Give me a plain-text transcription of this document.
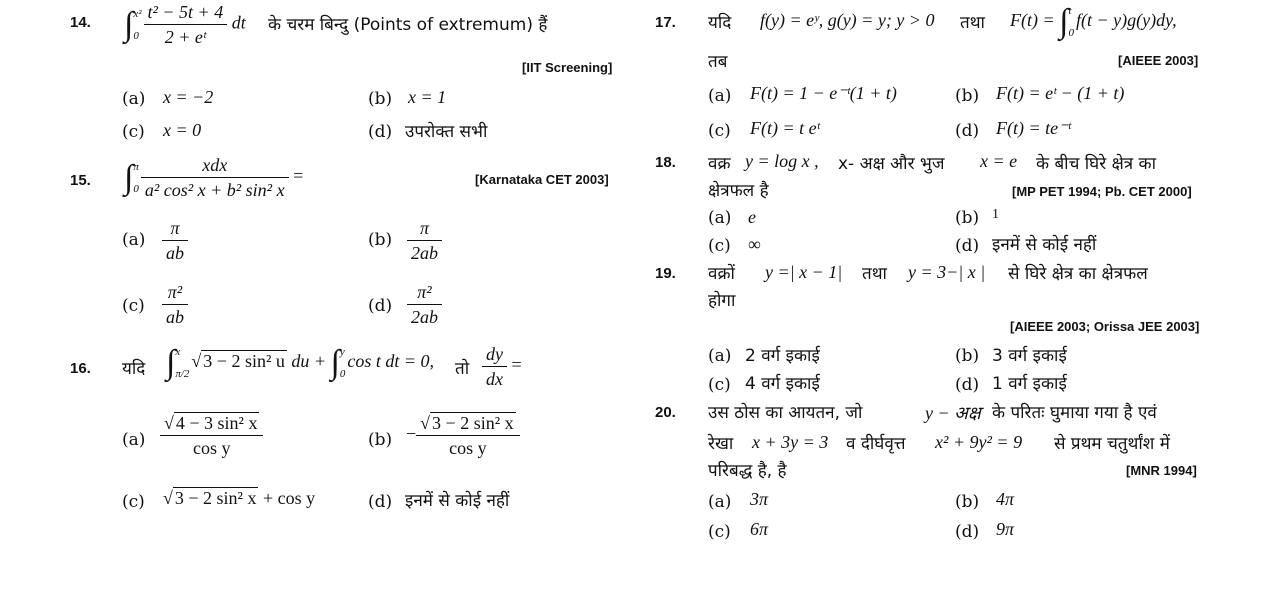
14. ∫ x²
$0 \frac{\text{t² − 5t + 4}}{\text{2 + eᵗ}}$ dt के चरम बिन्दु (Points of extremum) हैं
[IIT Screening]
(a) x = −2	(b) x = 1
(c) x = 0	(d) उपरोक्त सभी
15. ∫ π
$0 \frac{\text{xdx}}{\text{a² cos² x + b² sin² x}}$ =	[Karnataka CET 2003]
$(a) \frac{\pi}{ab}$	$(b) \frac{\pi}{2ab}$
$(c) \frac{\text{π²}}{ab}$	$(d) \frac{\text{π²}}{2ab}$
16. यदि ∫ x
π/2
√ 3 − 2 sin² u du + ∫ y
0
cos t dt = 0, तो $\frac{dy}{dx}$ =
$(a) \frac{\text{√ 4 − 3 sin² x}}{\text{cos y}}$	$(b) - \frac{\text{√ 3 − 2 sin² x}}{\text{cos y}}$
(c) √ 3 − 2 sin² x + cos y	(d) इनमें से कोई नहीं
17. यदि f(y) = eʸ, g(y) = y; y > 0 तथा F(t) = ∫ t
0
f(t − y)g(y)dy,
तब	[AIEEE 2003]
(a) F(t) = 1 − e⁻ᵗ(1 + t)	(b) F(t) = eᵗ − (1 + t)
(c) F(t) = t eᵗ	(d) F(t) = te⁻ᵗ
18. वक्र y = log x , x- अक्ष और भुज x = e के बीच घिरे क्षेत्र का
क्षेत्रफल है	[MP PET 1994; Pb. CET 2000]
(a) e	(b) 1
(c) ∞	(d) इनमें से कोई नहीं
19. वक्रों y =| x − 1| तथा y = 3−| x | से घिरे क्षेत्र का क्षेत्रफल
होगा
[AIEEE 2003; Orissa JEE 2003]
(a) 2 वर्ग इकाई	(b) 3 वर्ग इकाई
(c) 4 वर्ग इकाई	(d) 1 वर्ग इकाई
20. उस ठोस का आयतन, जो	y − अक्ष के परितः घुमाया गया है एवं
रेखा x + 3y = 3 व दीर्घवृत्त x² + 9y² = 9 से प्रथम चतुर्थांश में
परिबद्ध है, है	[MNR 1994]
(a) 3π	(b) 4π
(c) 6π	(d) 9π
